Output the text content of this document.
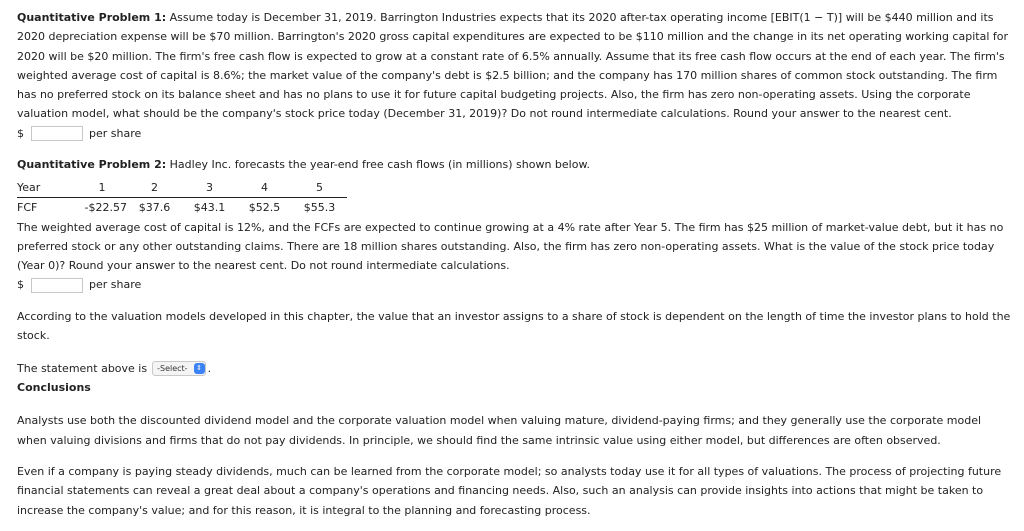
Quantitative Problem 1: Assume today is December 31, 2019. Barrington Industries expects that its 2020 after-tax operating income [EBIT(1 − T)] will be $440 million and its 2020 depreciation expense will be $70 million. Barrington's 2020 gross capital expenditures are expected to be $110 million and the change in its net operating working capital for 2020 will be $20 million. The firm's free cash flow is expected to grow at a constant rate of 6.5% annually. Assume that its free cash flow occurs at the end of each year. The firm's weighted average cost of capital is 8.6%; the market value of the company's debt is $2.5 billion; and the company has 170 million shares of common stock outstanding. The firm has no preferred stock on its balance sheet and has no plans to use it for future capital budgeting projects. Also, the firm has zero non-operating assets. Using the corporate valuation model, what should be the company's stock price today (December 31, 2019)? Do not round intermediate calculations. Round your answer to the nearest cent.

$	per share

Quantitative Problem 2: Hadley Inc. forecasts the year-end free cash flows (in millions) shown below.

Year	1	2	3	4	5
FCF	-$22.57	$37.6	$43.1	$52.5	$55.3

The weighted average cost of capital is 12%, and the FCFs are expected to continue growing at a 4% rate after Year 5. The firm has $25 million of market-value debt, but it has no preferred stock or any other outstanding claims. There are 18 million shares outstanding. Also, the firm has zero non-operating assets. What is the value of the stock price today (Year 0)? Round your answer to the nearest cent. Do not round intermediate calculations.

$	per share

According to the valuation models developed in this chapter, the value that an investor assigns to a share of stock is dependent on the length of time the investor plans to hold the stock.

The statement above is -Select-	⇕ .

Conclusions

Analysts use both the discounted dividend model and the corporate valuation model when valuing mature, dividend-paying firms; and they generally use the corporate model when valuing divisions and firms that do not pay dividends. In principle, we should find the same intrinsic value using either model, but differences are often observed.

Even if a company is paying steady dividends, much can be learned from the corporate model; so analysts today use it for all types of valuations. The process of projecting future financial statements can reveal a great deal about a company's operations and financing needs. Also, such an analysis can provide insights into actions that might be taken to increase the company's value; and for this reason, it is integral to the planning and forecasting process.
